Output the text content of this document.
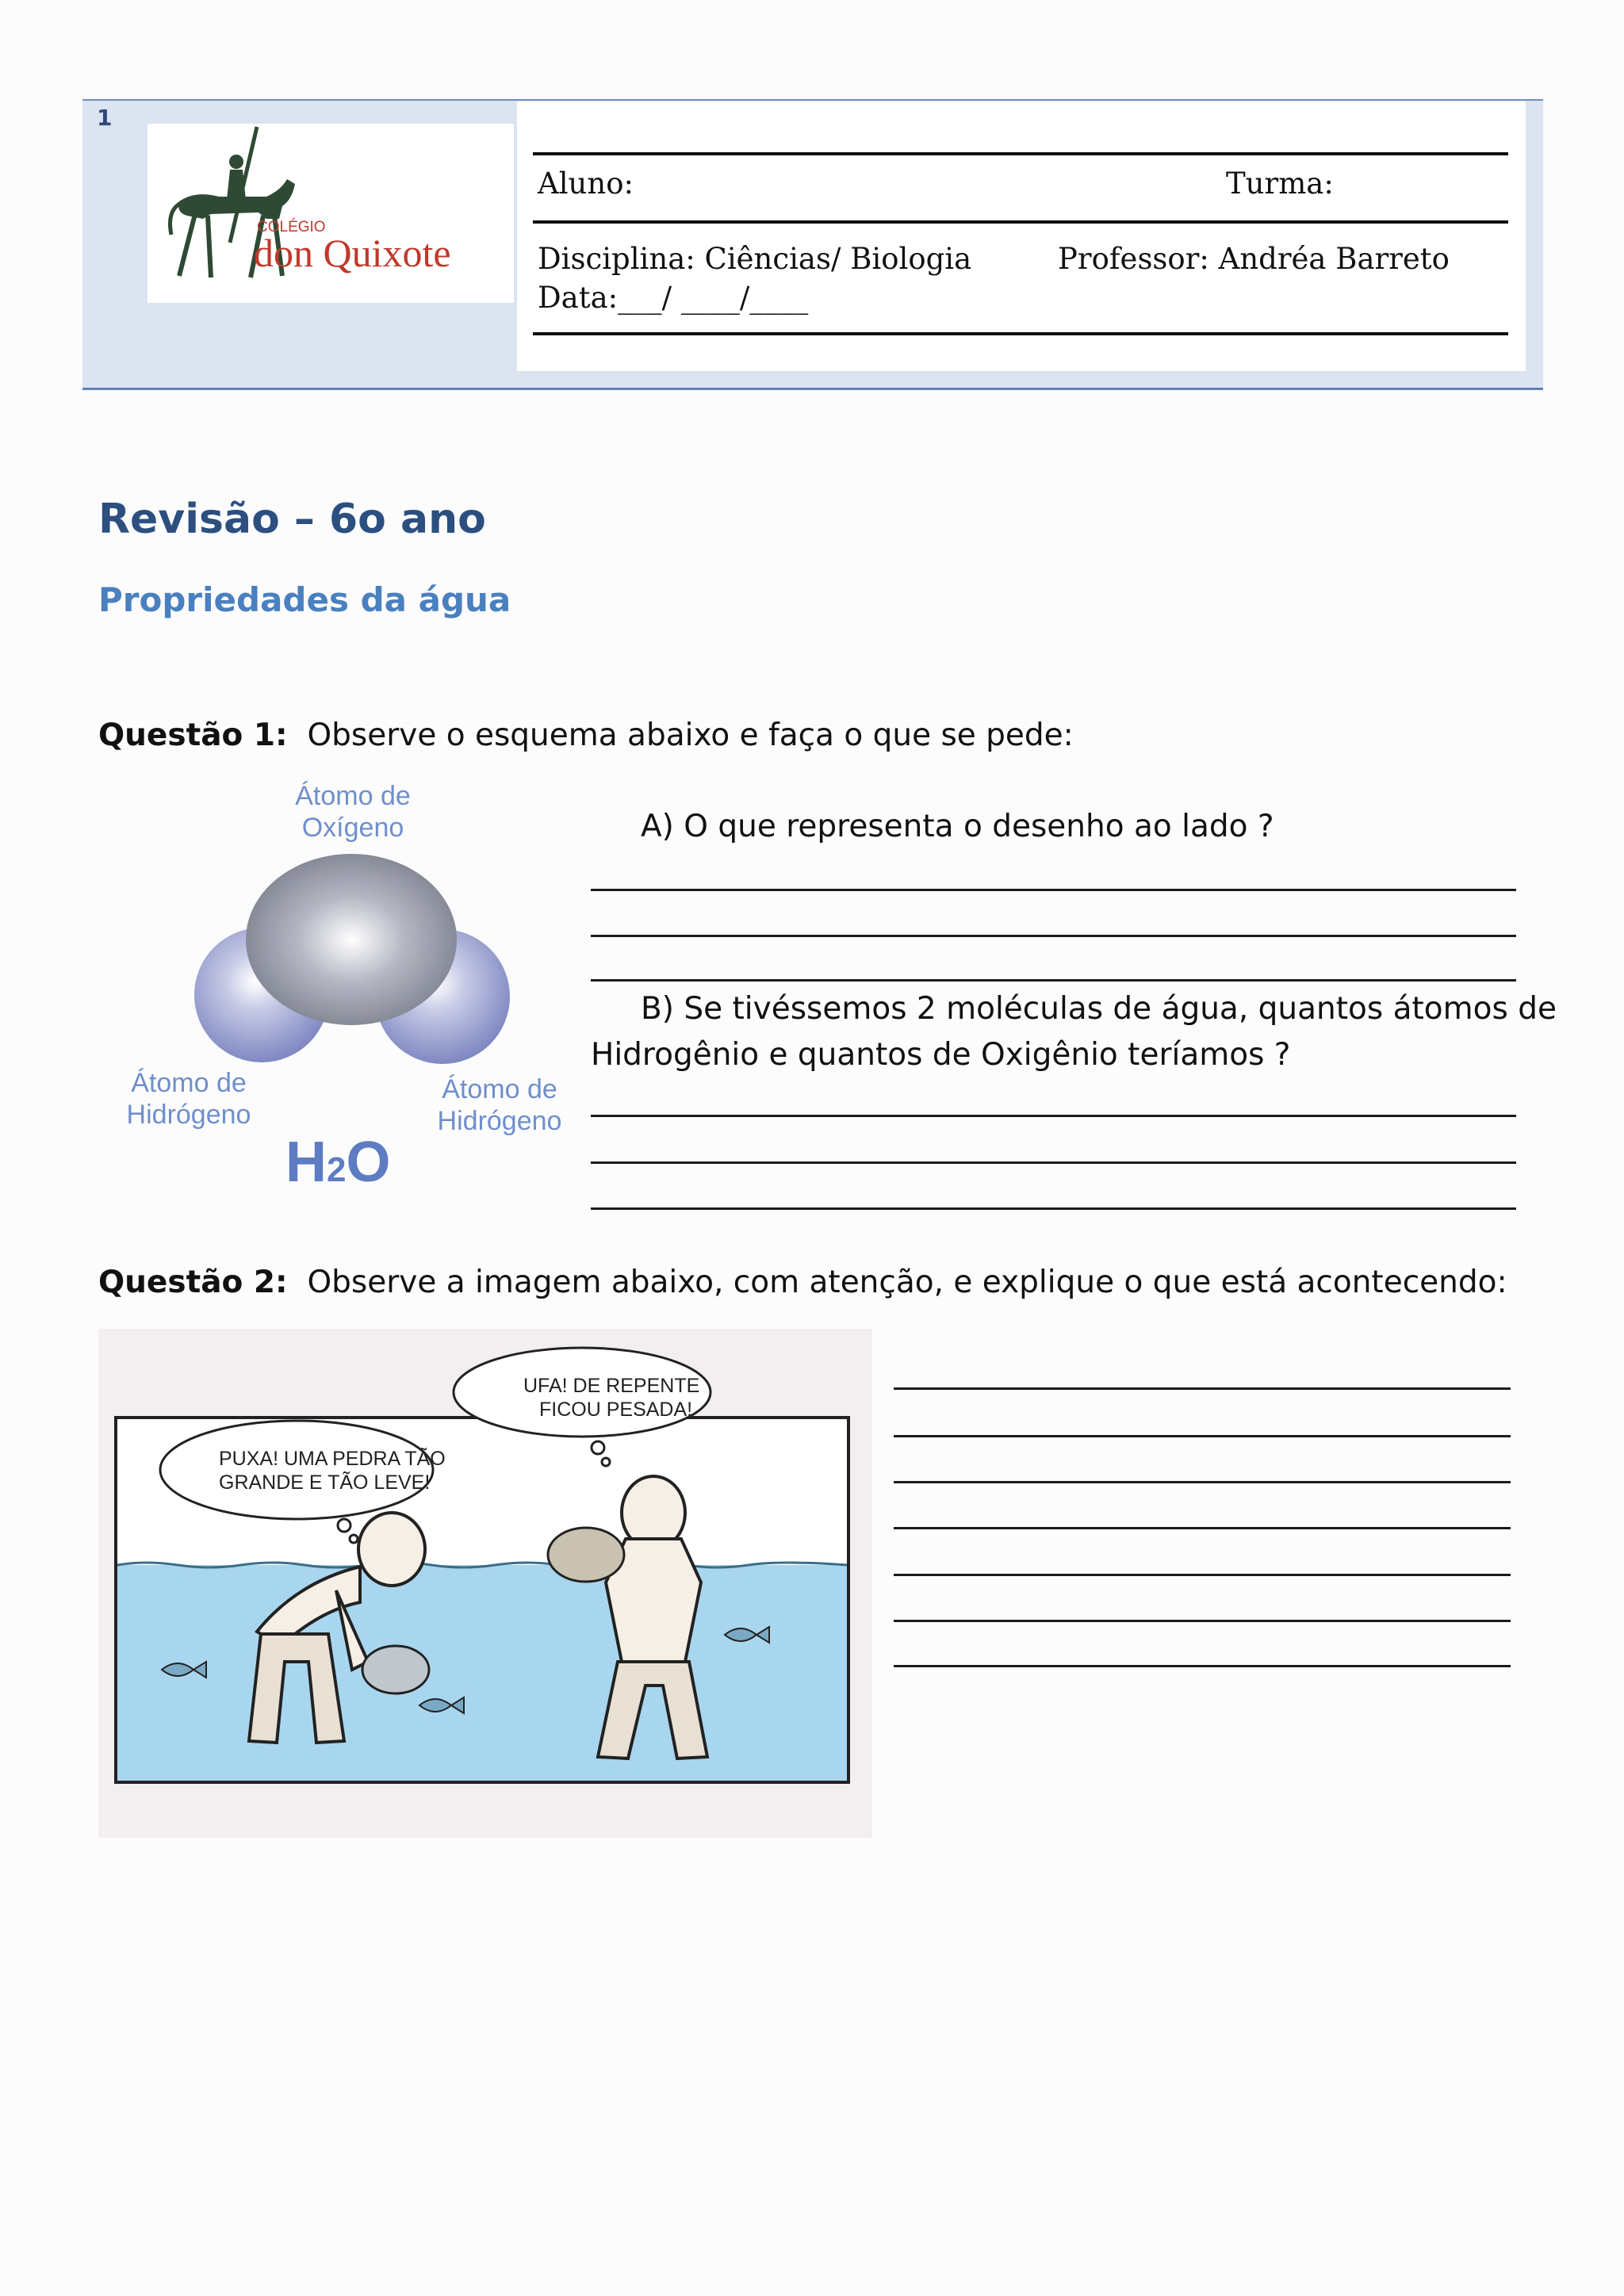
1
COLÉGIO
don Quixote
Aluno:	Turma:
Disciplina: Ciências/ Biologia	Professor: Andréa Barreto
Data:___/ ____/____
Revisão – 6o ano
Propriedades da água
Questão 1: Observe o esquema abaixo e faça o que se pede:
Átomo de
Oxígeno
Átomo de
Hidrógeno
Átomo de
Hidrógeno
H2O
A) O que representa o desenho ao lado ?
B) Se tivéssemos 2 moléculas de água, quantos átomos de
Hidrogênio e quantos de Oxigênio teríamos ?
Questão 2: Observe a imagem abaixo, com atenção, e explique o que está acontecendo:
PUXA! UMA PEDRA TÃO
GRANDE E TÃO LEVE!
UFA! DE REPENTE
FICOU PESADA!
